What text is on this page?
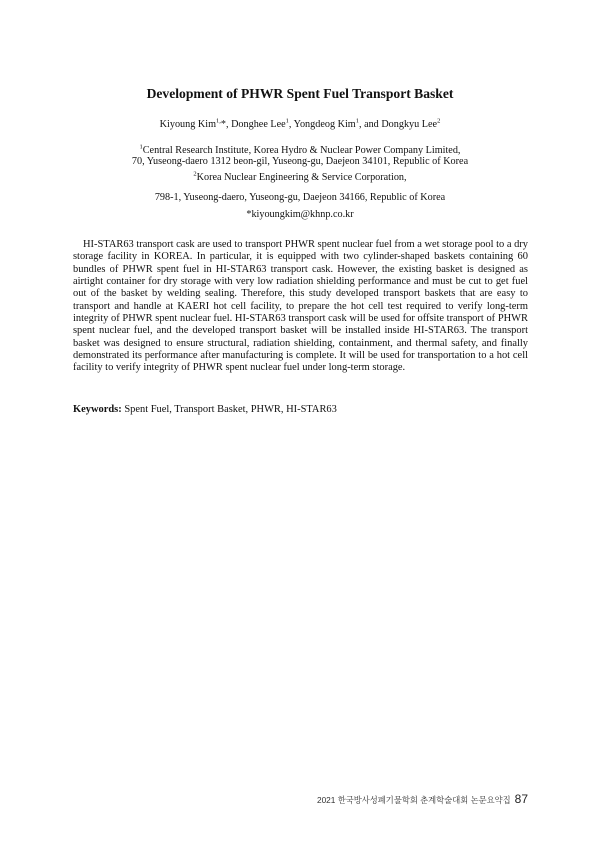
Development of PHWR Spent Fuel Transport Basket
Kiyoung Kim$^{1,}$*, Donghee Lee$^1$, Yongdeog Kim$^1$, and Dongkyu Lee$^2$
$^1$Central Research Institute, Korea Hydro & Nuclear Power Company Limited,
70, Yuseong-daero 1312 beon-gil, Yuseong-gu, Daejeon 34101, Republic of Korea
$^2$Korea Nuclear Engineering & Service Corporation,
798-1, Yuseong-daero, Yuseong-gu, Daejeon 34166, Republic of Korea
*kiyoungkim@khnp.co.kr

HI-STAR63 transport cask are used to transport PHWR spent nuclear fuel from a wet storage pool to a dry storage facility in KOREA. In particular, it is equipped with two cylinder-shaped baskets containing 60 bundles of PHWR spent fuel in HI-STAR63 transport cask. However, the existing basket is designed as airtight container for dry storage with very low radiation shielding performance and must be cut to get fuel out of the basket by welding sealing. Therefore, this study developed transport baskets that are easy to transport and handle at KAERI hot cell facility, to prepare the hot cell test required to verify long-term integrity of PHWR spent nuclear fuel. HI-STAR63 transport cask will be used for offsite transport of PHWR spent nuclear fuel, and the developed transport basket will be installed inside HI-STAR63. The transport basket was designed to ensure structural, radiation shielding, containment, and thermal safety, and finally demonstrated its performance after manufacturing is complete. It will be used for transportation to a hot cell facility to verify integrity of PHWR spent nuclear fuel under long-term storage.

Keywords: Spent Fuel, Transport Basket, PHWR, HI-STAR63

2021 한국방사성폐기물학회 춘계학술대회 논문요약집 87
